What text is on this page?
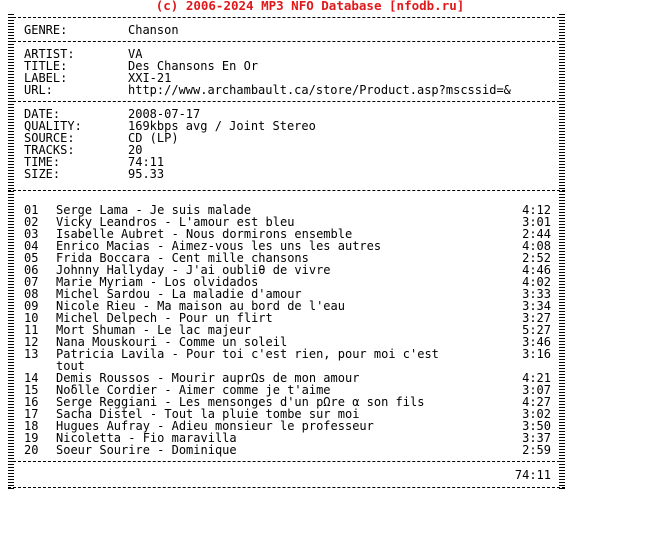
(c) 2006-2024 MP3 NFO Database [nfodb.ru]
GENRE:	Chanson
ARTIST:	VA
TITLE:	Des Chansons En Or
LABEL:	XXI-21
URL:	http://www.archambault.ca/store/Product.asp?mscssid=&
DATE:	2008-07-17
QUALITY:	169kbps avg / Joint Stereo
SOURCE:	CD (LP)
TRACKS:	20
TIME:	74:11
SIZE:	95.33
01 Serge Lama - Je suis malade	4:12
02 Vicky Leandros - L'amour est bleu	3:01
03 Isabelle Aubret - Nous dormirons ensemble	2:44
04 Enrico Macias - Aimez-vous les uns les autres	4:08
05 Frida Boccara - Cent mille chansons	2:52
06 Johnny Hallyday - J'ai oubliθ de vivre	4:46
07 Marie Myriam - Los olvidados	4:02
08 Michel Sardou - La maladie d'amour	3:33
09 Nicole Rieu - Ma maison au bord de l'eau	3:34
10 Michel Delpech - Pour un flirt	3:27
11 Mort Shuman - Le lac majeur	5:27
12 Nana Mouskouri - Comme un soleil	3:46
13 Patricia Lavila - Pour toi c'est rien, pour moi c'est	3:16
tout
14 Demis Roussos - Mourir auprΩs de mon amour	4:21
15 Noδlle Cordier - Aimer comme je t'aime	3:07
16 Serge Reggiani - Les mensonges d'un pΩre α son fils	4:27
17 Sacha Distel - Tout la pluie tombe sur moi	3:02
18 Hugues Aufray - Adieu monsieur le professeur	3:50
19 Nicoletta - Fio maravilla	3:37
20 Soeur Sourire - Dominique	2:59
74:11
